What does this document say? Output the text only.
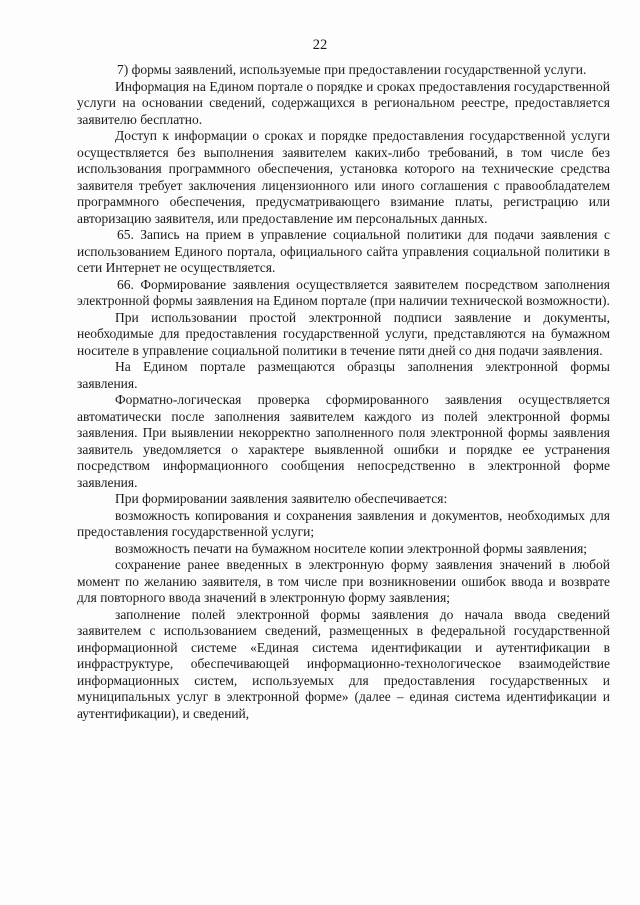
22

7) формы заявлений, используемые при предоставлении государственной услуги.

Информация на Едином портале о порядке и сроках предоставления государственной услуги на основании сведений, содержащихся в региональном реестре, предоставляется заявителю бесплатно.

Доступ к информации о сроках и порядке предоставления государственной услуги осуществляется без выполнения заявителем каких-либо требований, в том числе без использования программного обеспечения, установка которого на технические средства заявителя требует заключения лицензионного или иного соглашения с правообладателем программного обеспечения, предусматривающего взимание платы, регистрацию или авторизацию заявителя, или предоставление им персональных данных.

65. Запись на прием в управление социальной политики для подачи заявления с использованием Единого портала, официального сайта управления социальной политики в сети Интернет не осуществляется.

66. Формирование заявления осуществляется заявителем посредством заполнения электронной формы заявления на Едином портале (при наличии технической возможности).

При использовании простой электронной подписи заявление и документы, необходимые для предоставления государственной услуги, представляются на бумажном носителе в управление социальной политики в течение пяти дней со дня подачи заявления.

На Едином портале размещаются образцы заполнения электронной формы заявления.

Форматно-логическая проверка сформированного заявления осуществляется автоматически после заполнения заявителем каждого из полей электронной формы заявления. При выявлении некорректно заполненного поля электронной формы заявления заявитель уведомляется о характере выявленной ошибки и порядке ее устранения посредством информационного сообщения непосредственно в электронной форме заявления.

При формировании заявления заявителю обеспечивается:

возможность копирования и сохранения заявления и документов, необходимых для предоставления государственной услуги;

возможность печати на бумажном носителе копии электронной формы заявления;

сохранение ранее введенных в электронную форму заявления значений в любой момент по желанию заявителя, в том числе при возникновении ошибок ввода и возврате для повторного ввода значений в электронную форму заявления;

заполнение полей электронной формы заявления до начала ввода сведений заявителем с использованием сведений, размещенных в федеральной государственной информационной системе «Единая система идентификации и аутентификации в инфраструктуре, обеспечивающей информационно-технологическое взаимодействие информационных систем, используемых для предоставления государственных и муниципальных услуг в электронной форме» (далее – единая система идентификации и аутентификации), и сведений,
